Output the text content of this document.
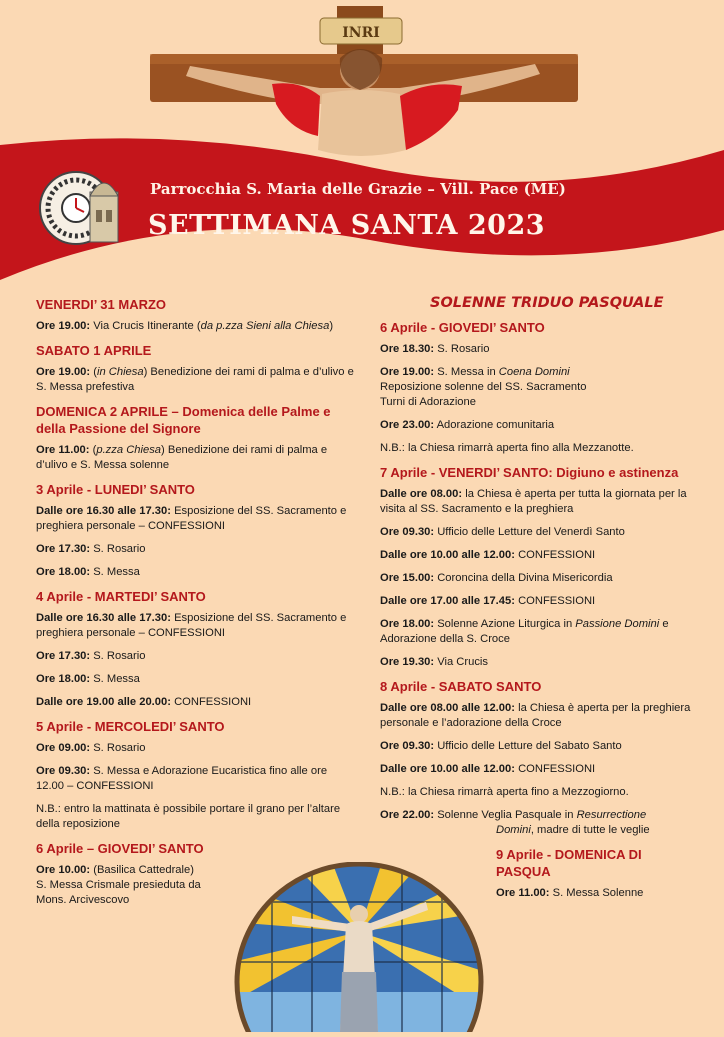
INRI
Parrocchia S. Maria delle Grazie – Vill. Pace (ME)
SETTIMANA SANTA 2023
VENERDI’ 31 MARZO
Ore 19.00: Via Crucis Itinerante (da p.zza Sieni alla Chiesa)
SABATO 1 APRILE
Ore 19.00: (in Chiesa) Benedizione dei rami di palma e d’ulivo e S. Messa prefestiva
DOMENICA 2 APRILE – Domenica delle Palme e della Passione del Signore
Ore 11.00: (p.zza Chiesa) Benedizione dei rami di palma e d’ulivo e S. Messa solenne
3 Aprile - LUNEDI’ SANTO
Dalle ore 16.30 alle 17.30: Esposizione del SS. Sacramento e preghiera personale – CONFESSIONI
Ore 17.30: S. Rosario
Ore 18.00: S. Messa
4 Aprile - MARTEDI’ SANTO
Dalle ore 16.30 alle 17.30: Esposizione del SS. Sacramento e preghiera personale – CONFESSIONI
Ore 17.30: S. Rosario
Ore 18.00: S. Messa
Dalle ore 19.00 alle 20.00: CONFESSIONI
5 Aprile - MERCOLEDI’ SANTO
Ore 09.00: S. Rosario
Ore 09.30: S. Messa e Adorazione Eucaristica fino alle ore 12.00 – CONFESSIONI
N.B.: entro la mattinata è possibile portare il grano per l’altare della reposizione
6 Aprile – GIOVEDI’ SANTO
Ore 10.00: (Basilica Cattedrale)
S. Messa Crismale presieduta da
Mons. Arcivescovo
SOLENNE TRIDUO PASQUALE
6 Aprile - GIOVEDI’ SANTO
Ore 18.30: S. Rosario
Ore 19.00: S. Messa in Coena Domini
Reposizione solenne del SS. Sacramento
Turni di Adorazione
Ore 23.00: Adorazione comunitaria
N.B.: la Chiesa rimarrà aperta fino alla Mezzanotte.
7 Aprile - VENERDI’ SANTO: Digiuno e astinenza
Dalle ore 08.00: la Chiesa è aperta per tutta la giornata per la visita al SS. Sacramento e la preghiera
Ore 09.30: Ufficio delle Letture del Venerdì Santo
Dalle ore 10.00 alle 12.00: CONFESSIONI
Ore 15.00: Coroncina della Divina Misericordia
Dalle ore 17.00 alle 17.45: CONFESSIONI
Ore 18.00: Solenne Azione Liturgica in Passione Domini e Adorazione della S. Croce
Ore 19.30: Via Crucis
8 Aprile - SABATO SANTO
Dalle ore 08.00 alle 12.00: la Chiesa è aperta per la preghiera personale e l’adorazione della Croce
Ore 09.30: Ufficio delle Letture del Sabato Santo
Dalle ore 10.00 alle 12.00: CONFESSIONI
N.B.: la Chiesa rimarrà aperta fino a Mezzogiorno.
Ore 22.00: Solenne Veglia Pasquale in Resurrectione
Domini, madre di tutte le veglie
9 Aprile - DOMENICA DI PASQUA
Ore 11.00: S. Messa Solenne
